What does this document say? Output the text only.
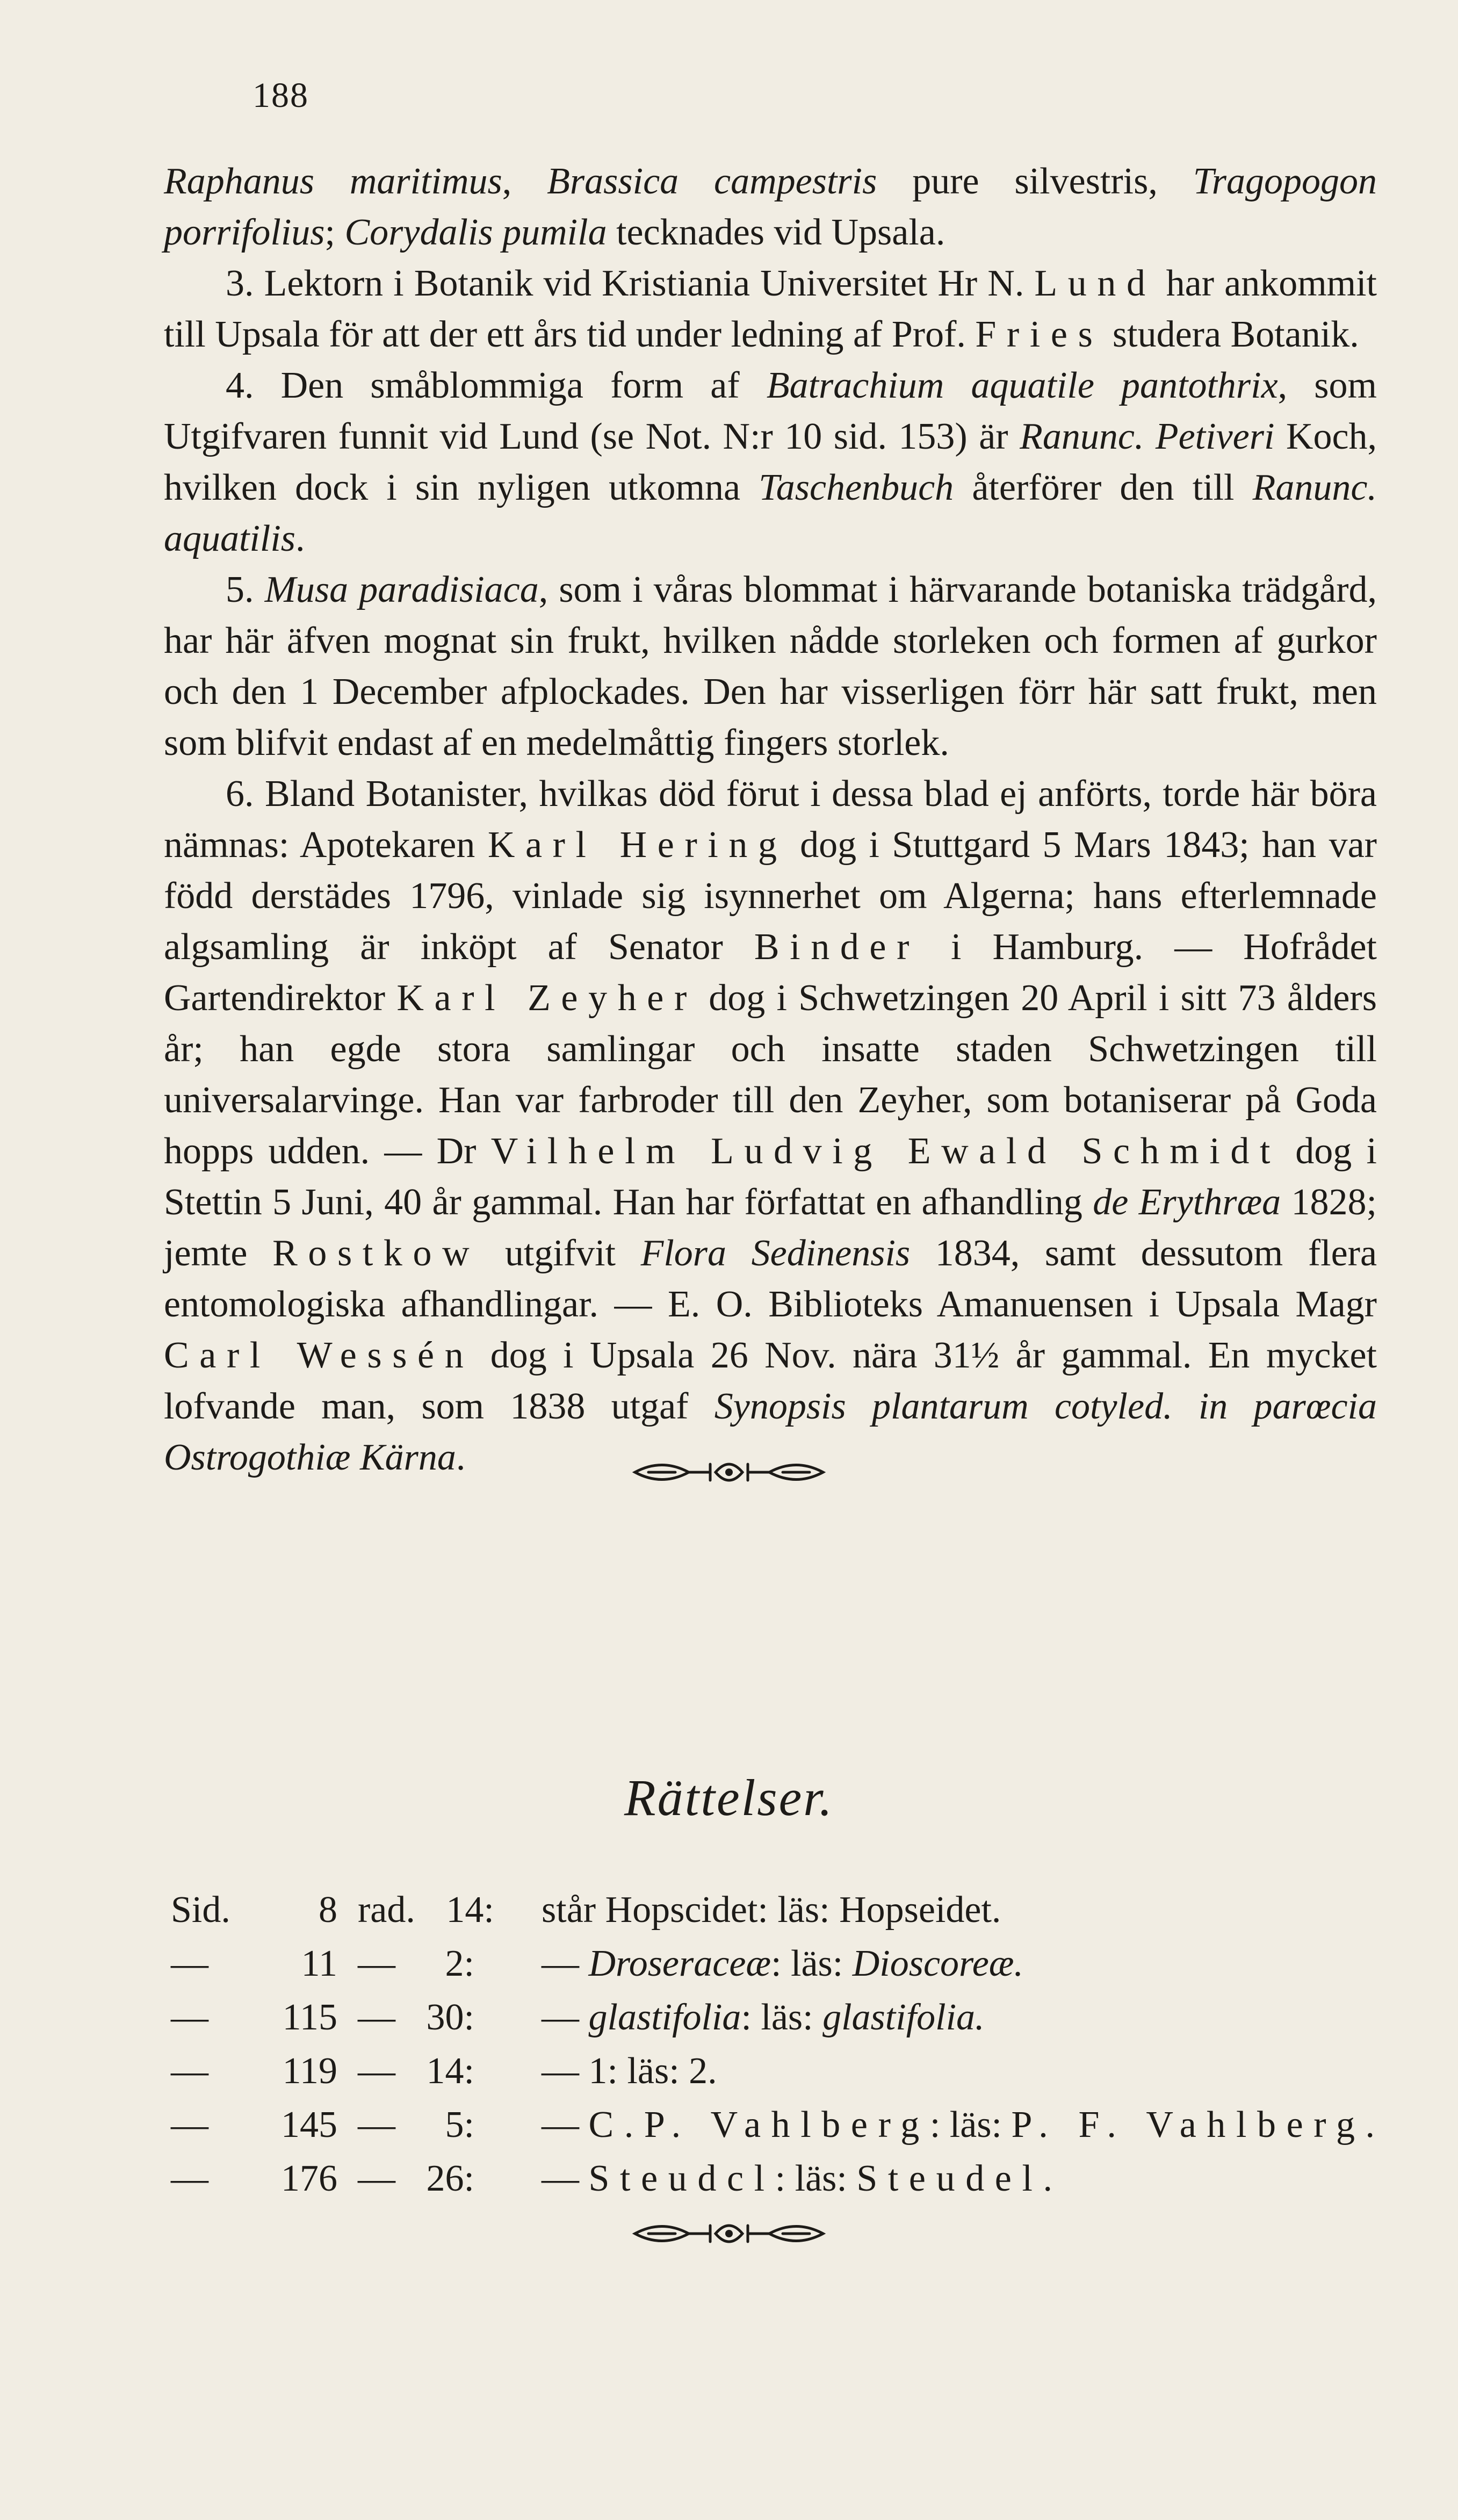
188

Raphanus maritimus, Brassica campestris pure silvestris, Tragopogon porrifolius; Corydalis pumila tecknades vid Upsala.

3. Lektorn i Botanik vid Kristiania Universitet Hr N. Lund har ankommit till Upsala för att der ett års tid under ledning af Prof. Fries studera Botanik.

4. Den småblommiga form af Batrachium aquatile pantothrix, som Utgifvaren funnit vid Lund (se Not. N:r 10 sid. 153) är Ranunc. Petiveri Koch, hvilken dock i sin nyligen utkomna Taschenbuch återförer den till Ranunc. aquatilis.

5. Musa paradisiaca, som i våras blommat i härvarande botaniska trädgård, har här äfven mognat sin frukt, hvilken nådde storleken och formen af gurkor och den 1 December afplockades. Den har visserligen förr här satt frukt, men som blifvit endast af en medelmåttig fingers storlek.

6. Bland Botanister, hvilkas död förut i dessa blad ej anförts, torde här böra nämnas: Apotekaren Karl Hering dog i Stuttgard 5 Mars 1843; han var född derstädes 1796, vinlade sig isynnerhet om Algerna; hans efterlemnade algsamling är inköpt af Senator Binder i Hamburg. — Hofrådet Gartendirektor Karl Zeyher dog i Schwetzingen 20 April i sitt 73 ålders år; han egde stora samlingar och insatte staden Schwetzingen till universalarvinge. Han var farbroder till den Zeyher, som botaniserar på Goda hopps udden. — Dr Vilhelm Ludvig Ewald Schmidt dog i Stettin 5 Juni, 40 år gammal. Han har författat en afhandling de Erythræa 1828; jemte Rostkow utgifvit Flora Sedinensis 1834, samt dessutom flera entomologiska afhandlingar. — E. O. Biblioteks Amanuensen i Upsala Magr Carl Wessén dog i Upsala 26 Nov. nära 31½ år gammal. En mycket lofvande man, som 1838 utgaf Synopsis plantarum cotyled. in parœcia Ostrogothiæ Kärna.

Rättelser.
Sid. 8	rad. 14:	står Hopscidet: läs: Hopseidet.
— 11	— 2:	— Droseraceæ: läs: Dioscoreæ.
— 115	— 30:	— glastifolia: läs: glastifolia.
— 119	— 14:	— 1: läs: 2.
— 145	— 5:	— C.P. Vahlberg: läs: P. F. Vahlberg.
— 176	— 26:	— Steudcl: läs: Steudel.
